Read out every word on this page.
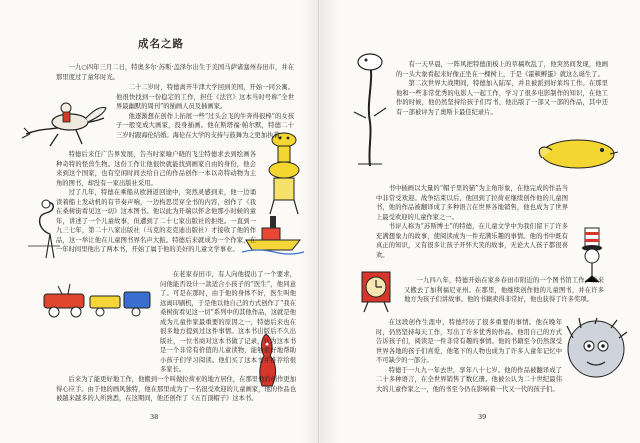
成名之路

一九○四年三月二日，特奥多尔·苏斯·盖泽尔出生于美国马萨诸塞州春田市，并在那里度过了童年时光。

二十二岁时，特德离开牛津大学回到美国，开始一同公寓。他很快找到一份稳定的工作，担任《法官》这本当时号称“全世界最幽默的周刊”的插画人员及插画家。

他逐渐想在创作上拓展一些“过头会飞的牛奔得很棒”的女孩子一般变成大画家，投身插画。他在斯塔福·帕尔默，特德二十三岁时跟海伦结婚。海伦在大学的支持与鼓舞为之更加执着。

特德后来任广告界发展，告当时家喻户晓的飞尘特德求去到绘画各种奇特的怪兽生物。这份工作让他很快就能找到画家自由的身份，他会来到这个国家，也有空闲时间去给自己的作品创作一本以奇特动物为主角的图书，却没有一家出版社采用。

过了几年，特德在乘船从欧洲返回途中，突然灵感到来，他一边诵读着船上发动机的有节奏声响，一边构思贯穿全书的内容，创作了《我在桑树街看见这一切》这本图书。他以此为开端以怀念他那小时候的童年，讲述了一个儿童故事，但遭到了二十七家出版社的拒绝。一直到一九三七年，第二十八家出版社（马克的麦克迪出版社）才接收了他的作品，这一举让他在儿童图书界名声大振。特德后来就成为一个作家，在一年时间里他出了两本书，开始了属于他的美好的儿童文学事业。

在老家春田市，有人向他提出了一个要求，问他能否设计一款适合小孩子的“医生”，他同意了。可是在那时，由于他的身体不好，医生叫他远离印刷机，于是他以他自己的方式创作了“我在桑树街看见这一切”系列中的其他作品，这就是他成为儿童作家最重要的原因之一，特德后来也在很多地方提到过这件事情。这本书出版后不久出版社，一位书商对这本书做了记录，认为这本书是一个非常有价值的儿童读物，能够很好地帮助小孩子们学习阅读。他们买了这本书并推荐给很多家长。

后来为了能更好地工作，他搬到一个叫做拉荷亚的地方居住，在那里他的创作更加得心应手。由于他的画风独特，他在那里成为了一名很受欢迎的儿童画家，他的作品也被越来越多的人所熟悉，在这期间，他还创作了《五百顶帽子》这本书。

38

有一天早晨，一阵风把特德面板上的草稿吹乱了，他突然间发现，他画的一头大象看起来好像正坐在一棵树上，于是《霍顿孵蛋》就这么诞生了。

第二次世界大战期间，特德加入陆军，并且被派到好莱坞工作。在那里他和一些非常优秀的电影人一起工作，学习了很多电影制作的知识，在他工作的时候，他仍然坚持给孩子们写书，他出版了一部又一部的作品，其中还有一部被评为了奥斯卡最佳纪录片。

书中插画以大量的“帽子里的猫”为主角形象，在他完成的作品当中非常受欢迎。战争结束以后，他回到了拉荷亚继续创作他的儿童图书，他的作品被翻译成了多种语言在世界各地销售，他也成为了世界上最受欢迎的儿童作家之一。

书评人称为“苏斯博士”的特德，在儿童文学中为我们留下了许多充满想象力的故事，使阅读成为一件充满乐趣的事情。他的书中既有真正的知识，又有很多让孩子开怀大笑的故事，无论大人孩子都很喜欢。

一九四八年，特德开始在家乡春田市附近的一个图书馆工作，后来又搬去了加利福尼亚州。在那里，他继续创作他的儿童图书，并在许多地方为孩子们讲故事。他的书籍卖得非常好，他也获得了许多奖项。

在这段创作生涯中，特德经历了很多重要的事情。他在晚年时，仍然坚持每天工作，写出了许多优秀的作品。他用自己的方式告诉孩子们，阅读是一件非常有趣的事情。他的书籍至今仍然深受世界各地的孩子们喜爱，他笔下的人物也成为了许多人童年记忆中不可缺少的一部分。

特德于一九九一年去世，享年八十七岁。他的作品被翻译成了二十多种语言，在全世界销售了数亿册。他被公认为二十世纪最伟大的儿童作家之一，他的书至今仍在影响着一代又一代的孩子们。

39
